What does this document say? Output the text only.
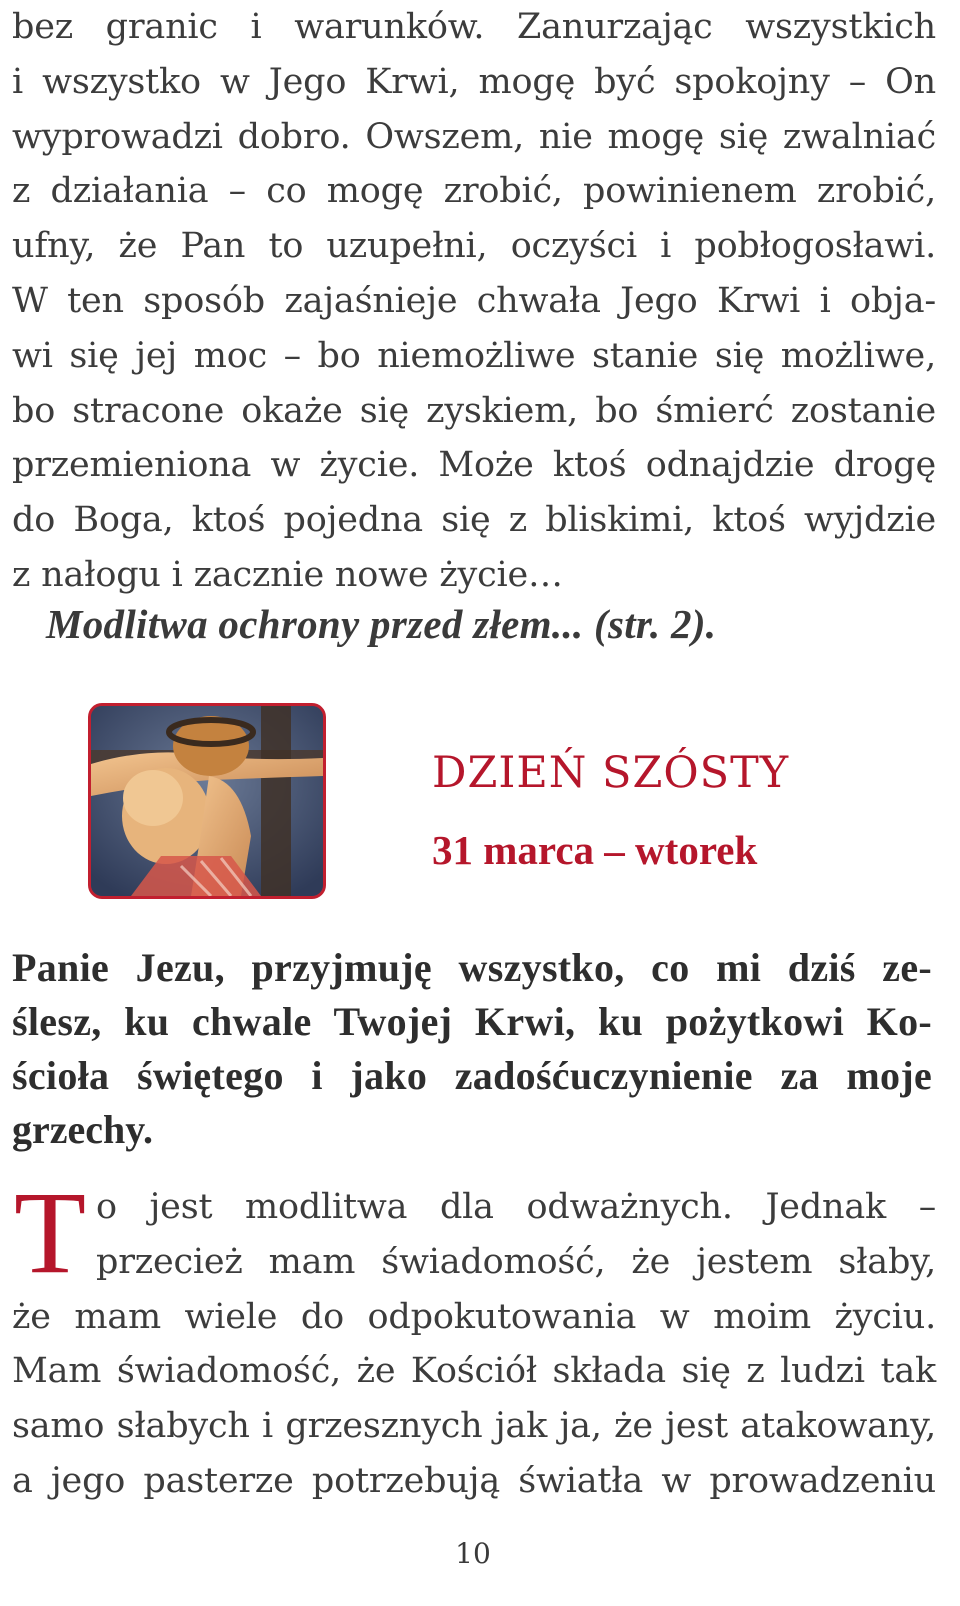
bez granic i warunków. Zanurzając wszystkich
i wszystko w Jego Krwi, mogę być spokojny – On
wyprowadzi dobro. Owszem, nie mogę się zwalniać
z działania – co mogę zrobić, powinienem zrobić,
ufny, że Pan to uzupełni, oczyści i pobłogosławi.
W ten sposób zajaśnieje chwała Jego Krwi i obja-
wi się jej moc – bo niemożliwe stanie się możliwe,
bo stracone okaże się zyskiem, bo śmierć zostanie
przemieniona w życie. Może ktoś odnajdzie drogę
do Boga, ktoś pojedna się z bliskimi, ktoś wyjdzie
z nałogu i zacznie nowe życie…
Modlitwa ochrony przed złem... (str. 2).
DZIEŃ SZÓSTY
31 marca – wtorek
Panie Jezu, przyjmuję wszystko, co mi dziś ze-
ślesz, ku chwale Twojej Krwi, ku pożytkowi Ko-
ścioła świętego i jako zadośćuczynienie za moje
grzechy.
T o jest modlitwa dla odważnych. Jednak –
przecież mam świadomość, że jestem słaby,
że mam wiele do odpokutowania w moim życiu.
Mam świadomość, że Kościół składa się z ludzi tak
samo słabych i grzesznych jak ja, że jest atakowany,
a jego pasterze potrzebują światła w prowadzeniu
10
